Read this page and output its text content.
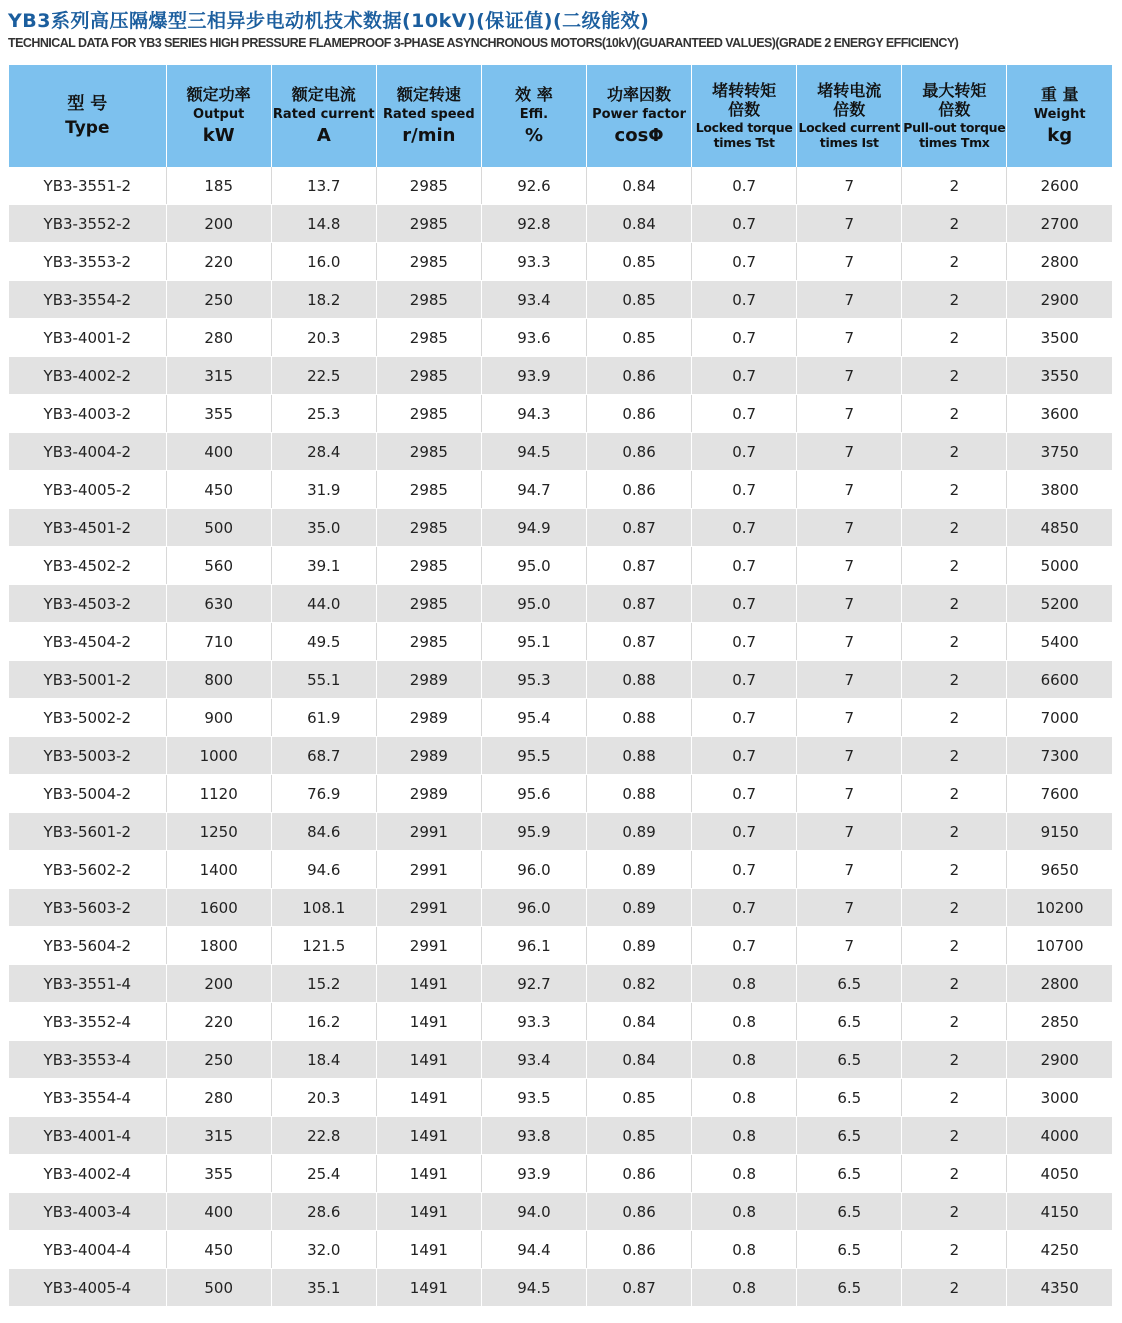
YB3系列高压隔爆型三相异步电动机技术数据(10kV)(保证值)(二级能效)
TECHNICAL DATA FOR YB3 SERIES HIGH PRESSURE FLAMEPROOF 3-PHASE ASYNCHRONOUS MOTORS(10kV)(GUARANTEED VALUES)(GRADE 2 ENERGY EFFICIENCY)
型 号
Type	额定功率
Output
kW	额定电流
Rated current
A	额定转速
Rated speed
r/min	效 率
Effi.
%	功率因数
Power factor
cosΦ	堵转转矩 倍数
Locked torque times Tst	堵转电流 倍数
Locked current times Ist	最大转矩 倍数
Pull-out torque times Tmx	重 量
Weight
kg

YB3-3551-2	185	13.7	2985	92.6	0.84	0.7	7	2	2600
YB3-3552-2	200	14.8	2985	92.8	0.84	0.7	7	2	2700
YB3-3553-2	220	16.0	2985	93.3	0.85	0.7	7	2	2800
YB3-3554-2	250	18.2	2985	93.4	0.85	0.7	7	2	2900
YB3-4001-2	280	20.3	2985	93.6	0.85	0.7	7	2	3500
YB3-4002-2	315	22.5	2985	93.9	0.86	0.7	7	2	3550
YB3-4003-2	355	25.3	2985	94.3	0.86	0.7	7	2	3600
YB3-4004-2	400	28.4	2985	94.5	0.86	0.7	7	2	3750
YB3-4005-2	450	31.9	2985	94.7	0.86	0.7	7	2	3800
YB3-4501-2	500	35.0	2985	94.9	0.87	0.7	7	2	4850
YB3-4502-2	560	39.1	2985	95.0	0.87	0.7	7	2	5000
YB3-4503-2	630	44.0	2985	95.0	0.87	0.7	7	2	5200
YB3-4504-2	710	49.5	2985	95.1	0.87	0.7	7	2	5400
YB3-5001-2	800	55.1	2989	95.3	0.88	0.7	7	2	6600
YB3-5002-2	900	61.9	2989	95.4	0.88	0.7	7	2	7000
YB3-5003-2	1000	68.7	2989	95.5	0.88	0.7	7	2	7300
YB3-5004-2	1120	76.9	2989	95.6	0.88	0.7	7	2	7600
YB3-5601-2	1250	84.6	2991	95.9	0.89	0.7	7	2	9150
YB3-5602-2	1400	94.6	2991	96.0	0.89	0.7	7	2	9650
YB3-5603-2	1600	108.1	2991	96.0	0.89	0.7	7	2	10200
YB3-5604-2	1800	121.5	2991	96.1	0.89	0.7	7	2	10700
YB3-3551-4	200	15.2	1491	92.7	0.82	0.8	6.5	2	2800
YB3-3552-4	220	16.2	1491	93.3	0.84	0.8	6.5	2	2850
YB3-3553-4	250	18.4	1491	93.4	0.84	0.8	6.5	2	2900
YB3-3554-4	280	20.3	1491	93.5	0.85	0.8	6.5	2	3000
YB3-4001-4	315	22.8	1491	93.8	0.85	0.8	6.5	2	4000
YB3-4002-4	355	25.4	1491	93.9	0.86	0.8	6.5	2	4050
YB3-4003-4	400	28.6	1491	94.0	0.86	0.8	6.5	2	4150
YB3-4004-4	450	32.0	1491	94.4	0.86	0.8	6.5	2	4250
YB3-4005-4	500	35.1	1491	94.5	0.87	0.8	6.5	2	4350
